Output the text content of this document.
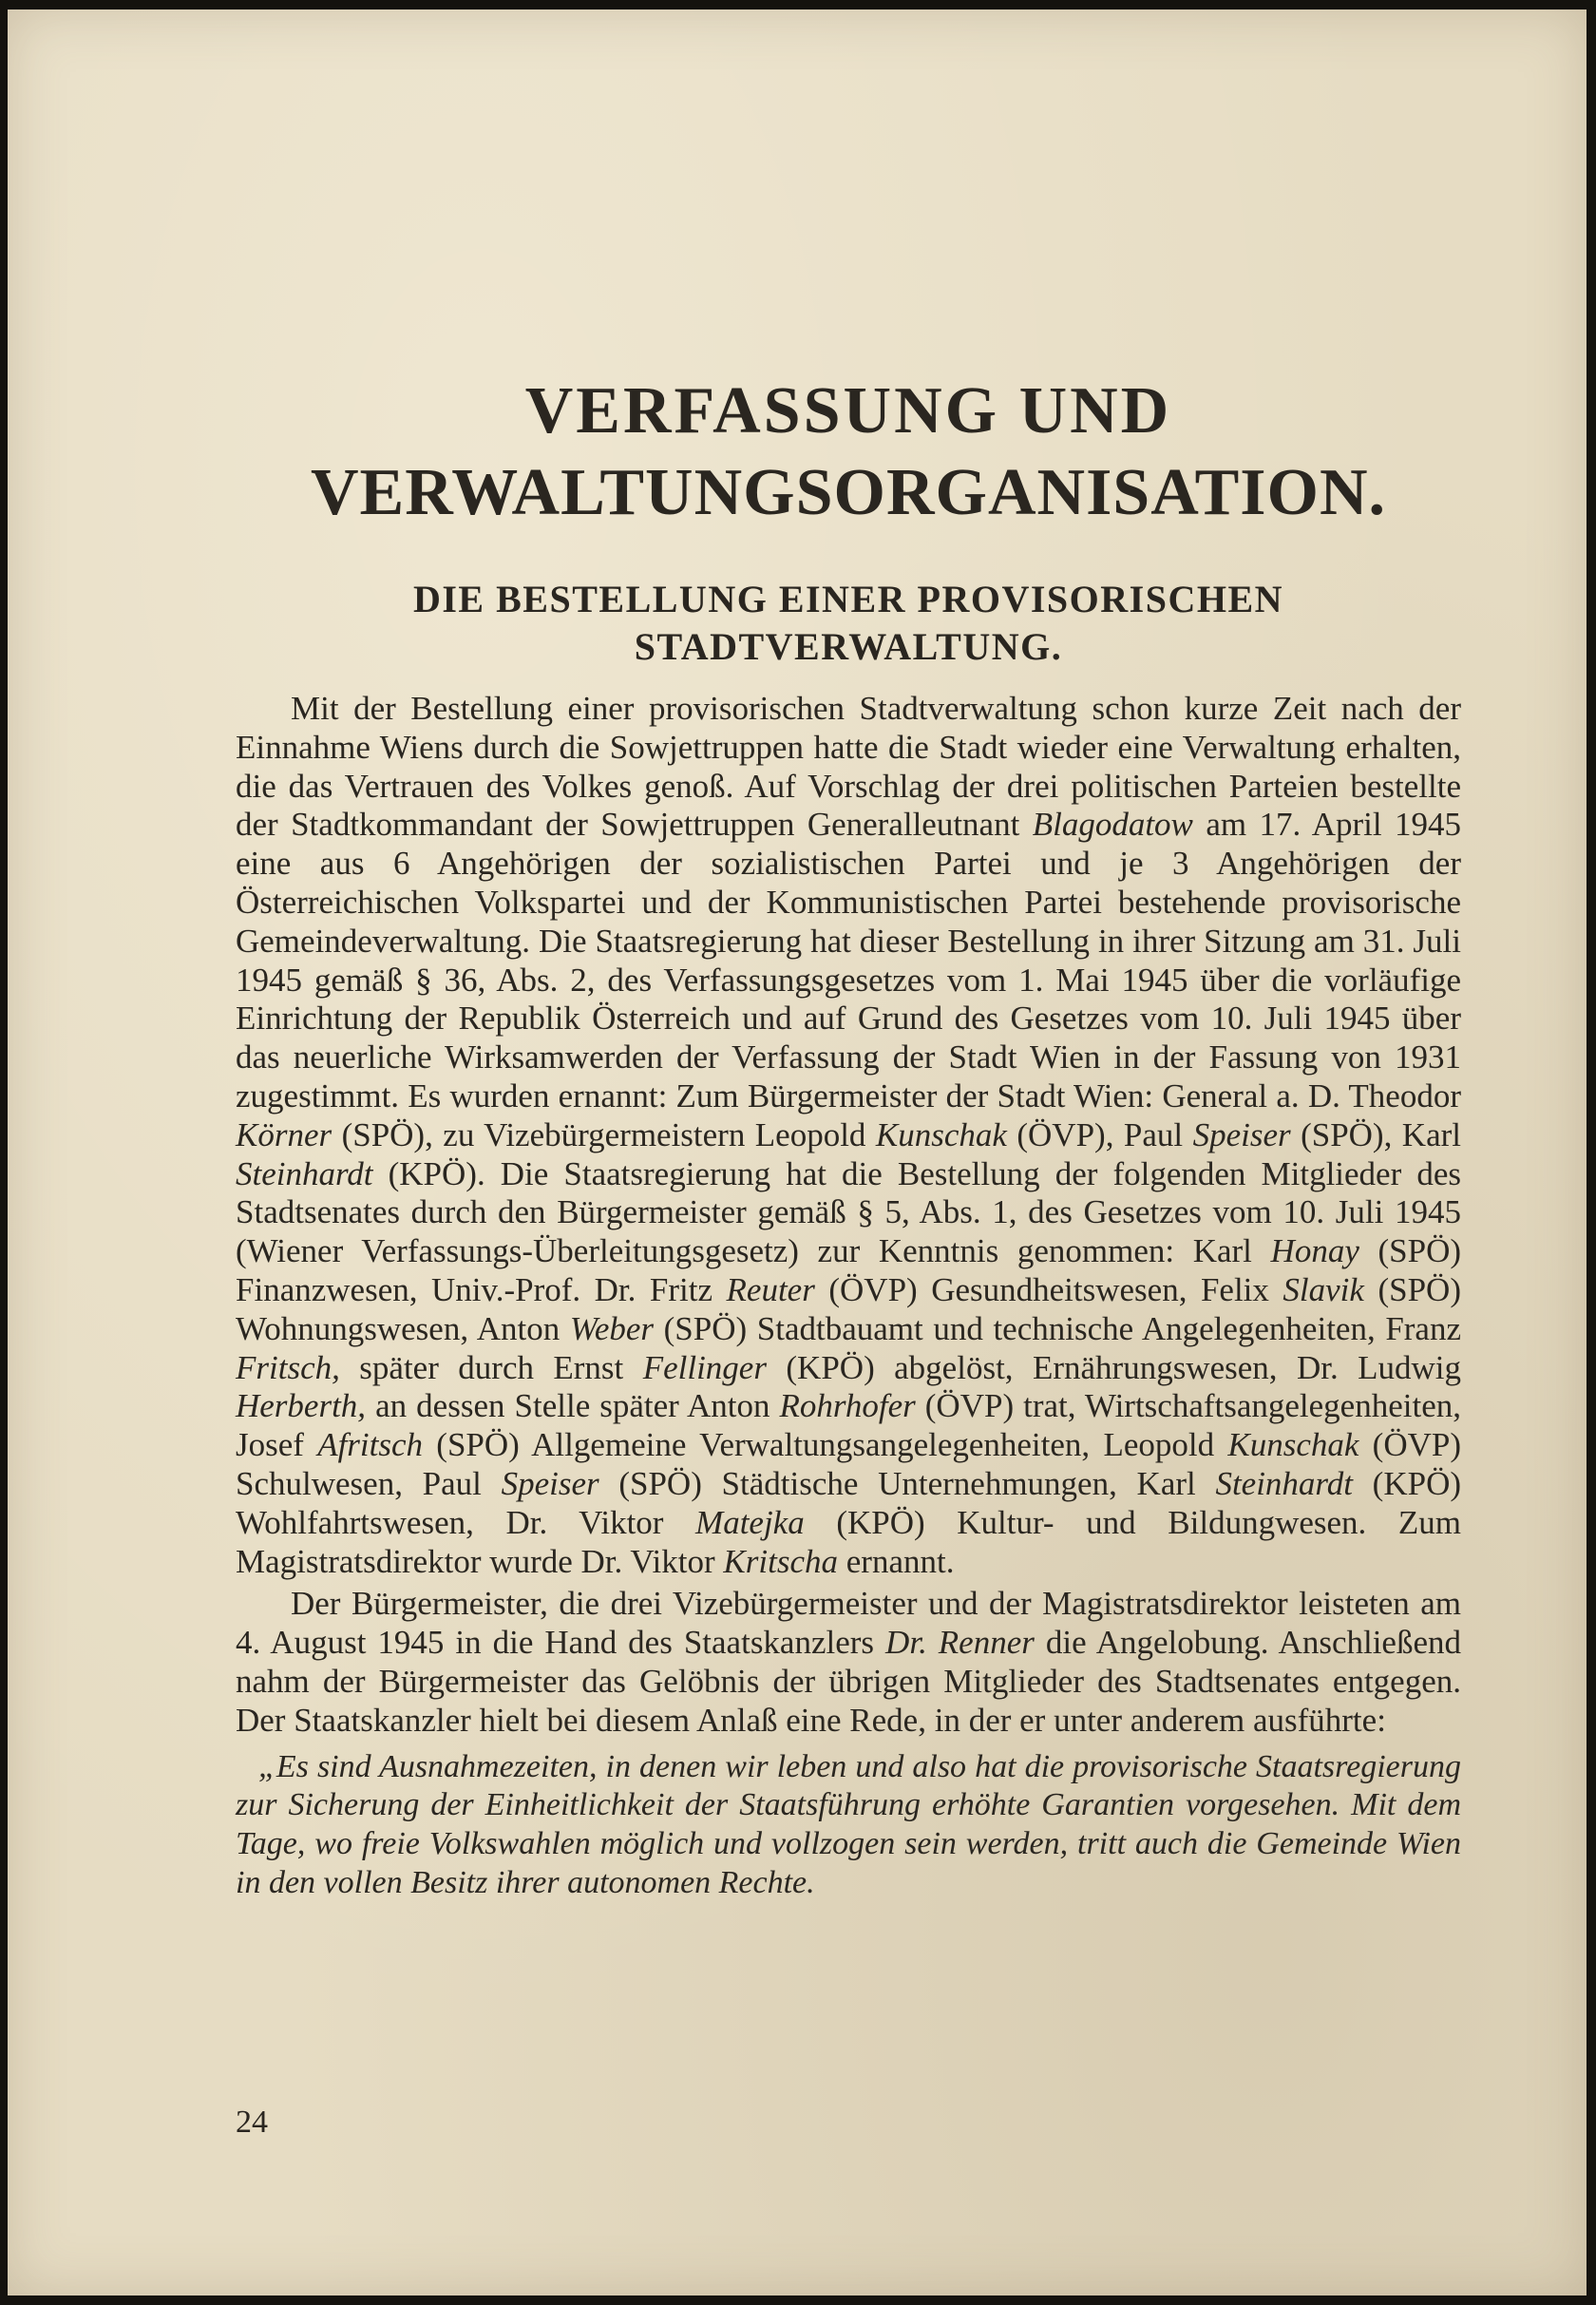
VERFASSUNG UND
VERWALTUNGSORGANISATION.
DIE BESTELLUNG EINER PROVISORISCHEN
STADTVERWALTUNG.

Mit der Bestellung einer provisorischen Stadtverwaltung schon kurze Zeit nach der Einnahme Wiens durch die Sowjettruppen hatte die Stadt wieder eine Verwaltung erhalten, die das Vertrauen des Volkes genoß. Auf Vorschlag der drei politischen Parteien bestellte der Stadtkommandant der Sowjettruppen Generalleutnant Blagodatow am 17. April 1945 eine aus 6 Angehörigen der sozialistischen Partei und je 3 Angehörigen der Österreichischen Volkspartei und der Kommunistischen Partei bestehende provisorische Gemeindeverwaltung. Die Staatsregierung hat dieser Bestellung in ihrer Sitzung am 31. Juli 1945 gemäß § 36, Abs. 2, des Verfassungsgesetzes vom 1. Mai 1945 über die vorläufige Einrichtung der Republik Österreich und auf Grund des Gesetzes vom 10. Juli 1945 über das neuerliche Wirksamwerden der Verfassung der Stadt Wien in der Fassung von 1931 zugestimmt. Es wurden ernannt: Zum Bürgermeister der Stadt Wien: General a. D. Theodor Körner (SPÖ), zu Vizebürgermeistern Leopold Kunschak (ÖVP), Paul Speiser (SPÖ), Karl Steinhardt (KPÖ). Die Staatsregierung hat die Bestellung der folgenden Mitglieder des Stadtsenates durch den Bürgermeister gemäß § 5, Abs. 1, des Gesetzes vom 10. Juli 1945 (Wiener Verfassungs-Überleitungsgesetz) zur Kenntnis genommen: Karl Honay (SPÖ) Finanzwesen, Univ.-Prof. Dr. Fritz Reuter (ÖVP) Gesundheitswesen, Felix Slavik (SPÖ) Wohnungswesen, Anton Weber (SPÖ) Stadtbauamt und technische Angelegenheiten, Franz Fritsch, später durch Ernst Fellinger (KPÖ) abgelöst, Ernährungswesen, Dr. Ludwig Herberth, an dessen Stelle später Anton Rohrhofer (ÖVP) trat, Wirtschaftsangelegenheiten, Josef Afritsch (SPÖ) Allgemeine Verwaltungsangelegenheiten, Leopold Kunschak (ÖVP) Schulwesen, Paul Speiser (SPÖ) Städtische Unternehmungen, Karl Steinhardt (KPÖ) Wohlfahrtswesen, Dr. Viktor Matejka (KPÖ) Kultur- und Bildungwesen. Zum Magistratsdirektor wurde Dr. Viktor Kritscha ernannt.

Der Bürgermeister, die drei Vizebürgermeister und der Magistratsdirektor leisteten am 4. August 1945 in die Hand des Staatskanzlers Dr. Renner die Angelobung. Anschließend nahm der Bürgermeister das Gelöbnis der übrigen Mitglieder des Stadtsenates entgegen. Der Staatskanzler hielt bei diesem Anlaß eine Rede, in der er unter anderem ausführte:

„Es sind Ausnahmezeiten, in denen wir leben und also hat die provisorische Staatsregierung zur Sicherung der Einheitlichkeit der Staatsführung erhöhte Garantien vorgesehen. Mit dem Tage, wo freie Volkswahlen möglich und vollzogen sein werden, tritt auch die Gemeinde Wien in den vollen Besitz ihrer autonomen Rechte.

24
